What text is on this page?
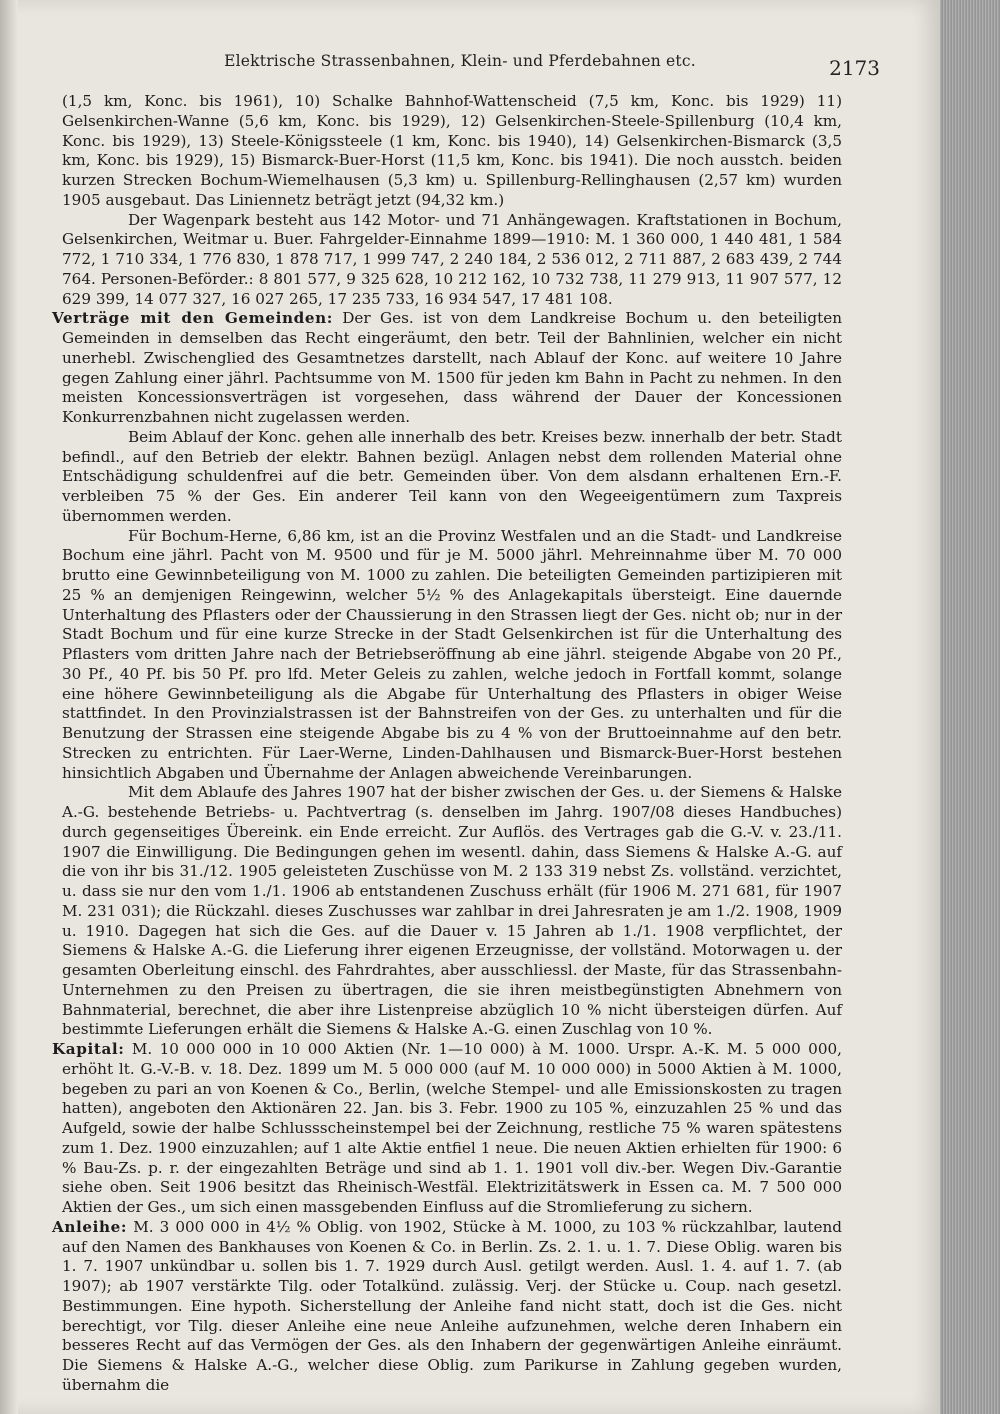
Elektrische Strassenbahnen, Klein- und Pferdebahnen etc.	2173

(1,5 km, Konc. bis 1961), 10) Schalke Bahnhof-Wattenscheid (7,5 km, Konc. bis 1929) 11) Gelsenkirchen-Wanne (5,6 km, Konc. bis 1929), 12) Gelsenkirchen-Steele-Spillenburg (10,4 km, Konc. bis 1929), 13) Steele-Königssteele (1 km, Konc. bis 1940), 14) Gelsenkirchen-Bismarck (3,5 km, Konc. bis 1929), 15) Bismarck-Buer-Horst (11,5 km, Konc. bis 1941). Die noch ausstch. beiden kurzen Strecken Bochum-Wiemelhausen (5,3 km) u. Spillenburg-Rellinghausen (2,57 km) wurden 1905 ausgebaut. Das Liniennetz beträgt jetzt (94,32 km.)

Der Wagenpark besteht aus 142 Motor- und 71 Anhängewagen. Kraftstationen in Bochum, Gelsenkirchen, Weitmar u. Buer. Fahrgelder-Einnahme 1899—1910: M. 1 360 000, 1 440 481, 1 584 772, 1 710 334, 1 776 830, 1 878 717, 1 999 747, 2 240 184, 2 536 012, 2 711 887, 2 683 439, 2 744 764. Personen-Beförder.: 8 801 577, 9 325 628, 10 212 162, 10 732 738, 11 279 913, 11 907 577, 12 629 399, 14 077 327, 16 027 265, 17 235 733, 16 934 547, 17 481 108.

Verträge mit den Gemeinden: Der Ges. ist von dem Landkreise Bochum u. den beteiligten Gemeinden in demselben das Recht eingeräumt, den betr. Teil der Bahnlinien, welcher ein nicht unerhebl. Zwischenglied des Gesamtnetzes darstellt, nach Ablauf der Konc. auf weitere 10 Jahre gegen Zahlung einer jährl. Pachtsumme von M. 1500 für jeden km Bahn in Pacht zu nehmen. In den meisten Koncessionsverträgen ist vorgesehen, dass während der Dauer der Koncessionen Konkurrenzbahnen nicht zugelassen werden.

Beim Ablauf der Konc. gehen alle innerhalb des betr. Kreises bezw. innerhalb der betr. Stadt befindl., auf den Betrieb der elektr. Bahnen bezügl. Anlagen nebst dem rollenden Material ohne Entschädigung schuldenfrei auf die betr. Gemeinden über. Von dem alsdann erhaltenen Ern.-F. verbleiben 75 % der Ges. Ein anderer Teil kann von den Wegeeigentümern zum Taxpreis übernommen werden.

Für Bochum-Herne, 6,86 km, ist an die Provinz Westfalen und an die Stadt- und Landkreise Bochum eine jährl. Pacht von M. 9500 und für je M. 5000 jährl. Mehreinnahme über M. 70 000 brutto eine Gewinnbeteiligung von M. 1000 zu zahlen. Die beteiligten Gemeinden partizipieren mit 25 % an demjenigen Reingewinn, welcher 5½ % des Anlagekapitals übersteigt. Eine dauernde Unterhaltung des Pflasters oder der Chaussierung in den Strassen liegt der Ges. nicht ob; nur in der Stadt Bochum und für eine kurze Strecke in der Stadt Gelsenkirchen ist für die Unterhaltung des Pflasters vom dritten Jahre nach der Betriebseröffnung ab eine jährl. steigende Abgabe von 20 Pf., 30 Pf., 40 Pf. bis 50 Pf. pro lfd. Meter Geleis zu zahlen, welche jedoch in Fortfall kommt, solange eine höhere Gewinnbeteiligung als die Abgabe für Unterhaltung des Pflasters in obiger Weise stattfindet. In den Provinzialstrassen ist der Bahnstreifen von der Ges. zu unterhalten und für die Benutzung der Strassen eine steigende Abgabe bis zu 4 % von der Bruttoeinnahme auf den betr. Strecken zu entrichten. Für Laer-Werne, Linden-Dahlhausen und Bismarck-Buer-Horst bestehen hinsichtlich Abgaben und Übernahme der Anlagen abweichende Vereinbarungen.

Mit dem Ablaufe des Jahres 1907 hat der bisher zwischen der Ges. u. der Siemens & Halske A.-G. bestehende Betriebs- u. Pachtvertrag (s. denselben im Jahrg. 1907/08 dieses Handbuches) durch gegenseitiges Übereink. ein Ende erreicht. Zur Auflös. des Vertrages gab die G.-V. v. 23./11. 1907 die Einwilligung. Die Bedingungen gehen im wesentl. dahin, dass Siemens & Halske A.-G. auf die von ihr bis 31./12. 1905 geleisteten Zuschüsse von M. 2 133 319 nebst Zs. vollständ. verzichtet, u. dass sie nur den vom 1./1. 1906 ab entstandenen Zuschuss erhält (für 1906 M. 271 681, für 1907 M. 231 031); die Rückzahl. dieses Zuschusses war zahlbar in drei Jahresraten je am 1./2. 1908, 1909 u. 1910. Dagegen hat sich die Ges. auf die Dauer v. 15 Jahren ab 1./1. 1908 verpflichtet, der Siemens & Halske A.-G. die Lieferung ihrer eigenen Erzeugnisse, der vollständ. Motorwagen u. der gesamten Oberleitung einschl. des Fahrdrahtes, aber ausschliessl. der Maste, für das Strassenbahn-Unternehmen zu den Preisen zu übertragen, die sie ihren meistbegünstigten Abnehmern von Bahnmaterial, berechnet, die aber ihre Listenpreise abzüglich 10 % nicht übersteigen dürfen. Auf bestimmte Lieferungen erhält die Siemens & Halske A.-G. einen Zuschlag von 10 %.

Kapital: M. 10 000 000 in 10 000 Aktien (Nr. 1—10 000) à M. 1000. Urspr. A.-K. M. 5 000 000, erhöht lt. G.-V.-B. v. 18. Dez. 1899 um M. 5 000 000 (auf M. 10 000 000) in 5000 Aktien à M. 1000, begeben zu pari an von Koenen & Co., Berlin, (welche Stempel- und alle Emissionskosten zu tragen hatten), angeboten den Aktionären 22. Jan. bis 3. Febr. 1900 zu 105 %, einzuzahlen 25 % und das Aufgeld, sowie der halbe Schlussscheinstempel bei der Zeichnung, restliche 75 % waren spätestens zum 1. Dez. 1900 einzuzahlen; auf 1 alte Aktie entfiel 1 neue. Die neuen Aktien erhielten für 1900: 6 % Bau-Zs. p. r. der eingezahlten Beträge und sind ab 1. 1. 1901 voll div.-ber. Wegen Div.-Garantie siehe oben. Seit 1906 besitzt das Rheinisch-Westfäl. Elektrizitätswerk in Essen ca. M. 7 500 000 Aktien der Ges., um sich einen massgebenden Einfluss auf die Stromlieferung zu sichern.

Anleihe: M. 3 000 000 in 4½ % Oblig. von 1902, Stücke à M. 1000, zu 103 % rückzahlbar, lautend auf den Namen des Bankhauses von Koenen & Co. in Berlin. Zs. 2. 1. u. 1. 7. Diese Oblig. waren bis 1. 7. 1907 unkündbar u. sollen bis 1. 7. 1929 durch Ausl. getilgt werden. Ausl. 1. 4. auf 1. 7. (ab 1907); ab 1907 verstärkte Tilg. oder Totalkünd. zulässig. Verj. der Stücke u. Coup. nach gesetzl. Bestimmungen. Eine hypoth. Sicherstellung der Anleihe fand nicht statt, doch ist die Ges. nicht berechtigt, vor Tilg. dieser Anleihe eine neue Anleihe aufzunehmen, welche deren Inhabern ein besseres Recht auf das Vermögen der Ges. als den Inhabern der gegenwärtigen Anleihe einräumt. Die Siemens & Halske A.-G., welcher diese Oblig. zum Parikurse in Zahlung gegeben wurden, übernahm die
